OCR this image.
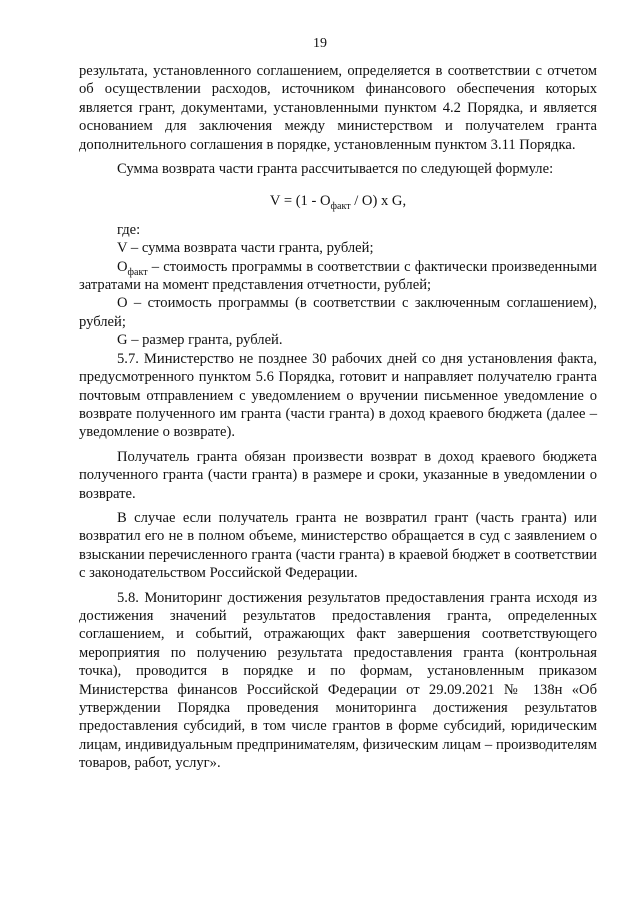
19

результата, установленного соглашением, определяется в соответствии с отчетом об осуществлении расходов, источником финансового обеспечения которых является грант, документами, установленными пунктом 4.2 Порядка, и является основанием для заключения между министерством и получателем гранта дополнительного соглашения в порядке, установленным пунктом 3.11 Порядка.

Сумма возврата части гранта рассчитывается по следующей формуле:

$V = (1 - O_{факт} / O)$ x G,

где:

V – сумма возврата части гранта, рублей;

$O_{факт}$ – стоимость программы в соответствии с фактически произведенными затратами на момент представления отчетности, рублей;

O – стоимость программы (в соответствии с заключенным соглашением), рублей;

G – размер гранта, рублей.

5.7. Министерство не позднее 30 рабочих дней со дня установления факта, предусмотренного пунктом 5.6 Порядка, готовит и направляет получателю гранта почтовым отправлением с уведомлением о вручении письменное уведомление о возврате полученного им гранта (части гранта) в доход краевого бюджета (далее – уведомление о возврате).

Получатель гранта обязан произвести возврат в доход краевого бюджета полученного гранта (части гранта) в размере и сроки, указанные в уведомлении о возврате.

В случае если получатель гранта не возвратил грант (часть гранта) или возвратил его не в полном объеме, министерство обращается в суд с заявлением о взыскании перечисленного гранта (части гранта) в краевой бюджет в соответствии с законодательством Российской Федерации.

5.8. Мониторинг достижения результатов предоставления гранта исходя из достижения значений результатов предоставления гранта, определенных соглашением, и событий, отражающих факт завершения соответствующего мероприятия по получению результата предоставления гранта (контрольная точка), проводится в порядке и по формам, установленным приказом Министерства финансов Российской Федерации от 29.09.2021 № 138н «Об утверждении Порядка проведения мониторинга достижения результатов предоставления субсидий, в том числе грантов в форме субсидий, юридическим лицам, индивидуальным предпринимателям, физическим лицам – производителям товаров, работ, услуг».
